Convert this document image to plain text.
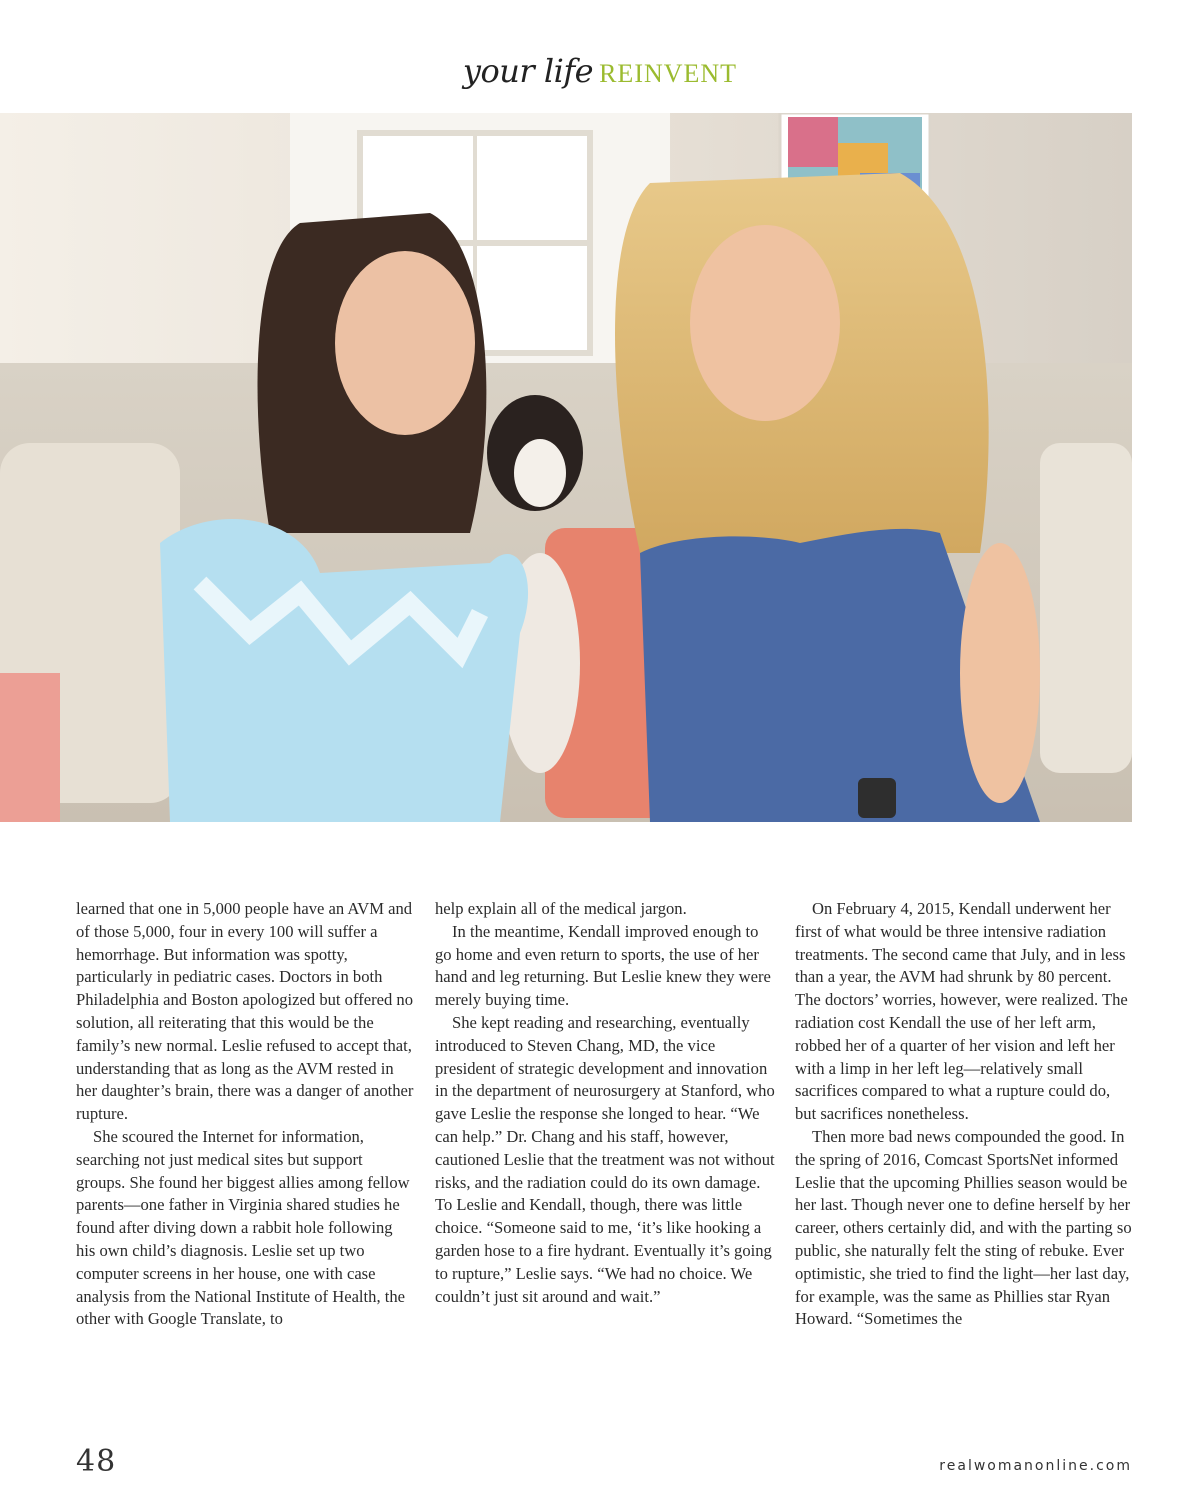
your life REINVENT

learned that one in 5,000 people have an AVM and of those 5,000, four in every 100 will suffer a hemorrhage. But information was spotty, particularly in pediatric cases. Doctors in both Philadelphia and Boston apologized but offered no solution, all reiterating that this would be the family’s new normal. Leslie refused to accept that, understanding that as long as the AVM rested in her daughter’s brain, there was a danger of another rupture.

She scoured the Internet for information, searching not just medical sites but support groups. She found her biggest allies among fellow parents—one father in Virginia shared studies he found after diving down a rabbit hole following his own child’s diagnosis. Leslie set up two computer screens in her house, one with case analysis from the National Institute of Health, the other with Google Translate, to

help explain all of the medical jargon.

In the meantime, Kendall improved enough to go home and even return to sports, the use of her hand and leg returning. But Leslie knew they were merely buying time.

She kept reading and researching, eventually introduced to Steven Chang, MD, the vice president of strategic development and innovation in the department of neurosurgery at Stanford, who gave Leslie the response she longed to hear. “We can help.” Dr. Chang and his staff, however, cautioned Leslie that the treatment was not without risks, and the radiation could do its own damage. To Leslie and Kendall, though, there was little choice. “Someone said to me, ‘it’s like hooking a garden hose to a fire hydrant. Eventually it’s going to rupture,” Leslie says. “We had no choice. We couldn’t just sit around and wait.”

On February 4, 2015, Kendall underwent her first of what would be three intensive radiation treatments. The second came that July, and in less than a year, the AVM had shrunk by 80 percent. The doctors’ worries, however, were realized. The radiation cost Kendall the use of her left arm, robbed her of a quarter of her vision and left her with a limp in her left leg—relatively small sacrifices compared to what a rupture could do, but sacrifices nonetheless.

Then more bad news compounded the good. In the spring of 2016, Comcast SportsNet informed Leslie that the upcoming Phillies season would be her last. Though never one to define herself by her career, others certainly did, and with the parting so public, she naturally felt the sting of rebuke. Ever optimistic, she tried to find the light—her last day, for example, was the same as Phillies star Ryan Howard. “Sometimes the

48	realwomanonline.com
